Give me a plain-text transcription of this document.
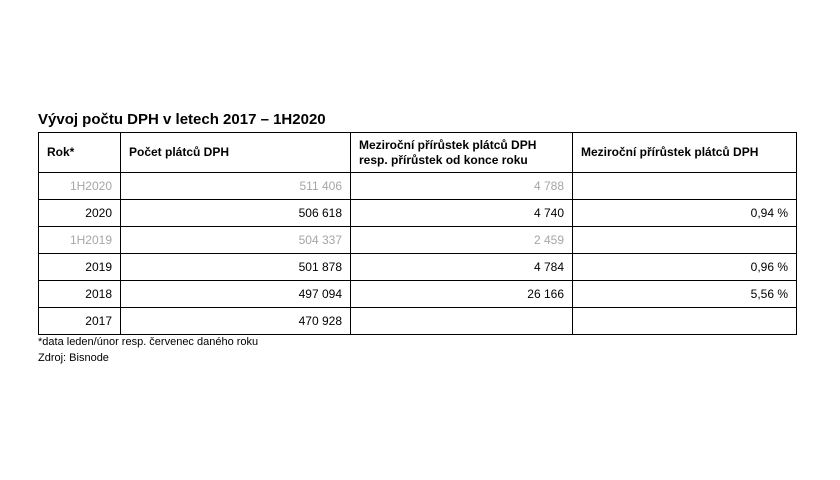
Vývoj počtu DPH v letech 2017 – 1H2020
Rok*	Počet plátců DPH	Meziroční přírůstek plátců DPH resp. přírůstek od konce roku	Meziroční přírůstek plátců DPH
1H2020	511 406	4 788	
2020	506 618	4 740	0,94 %
1H2019	504 337	2 459	
2019	501 878	4 784	0,96 %
2018	497 094	26 166	5,56 %
2017	470 928		
*data leden/únor resp. červenec daného roku
Zdroj: Bisnode
